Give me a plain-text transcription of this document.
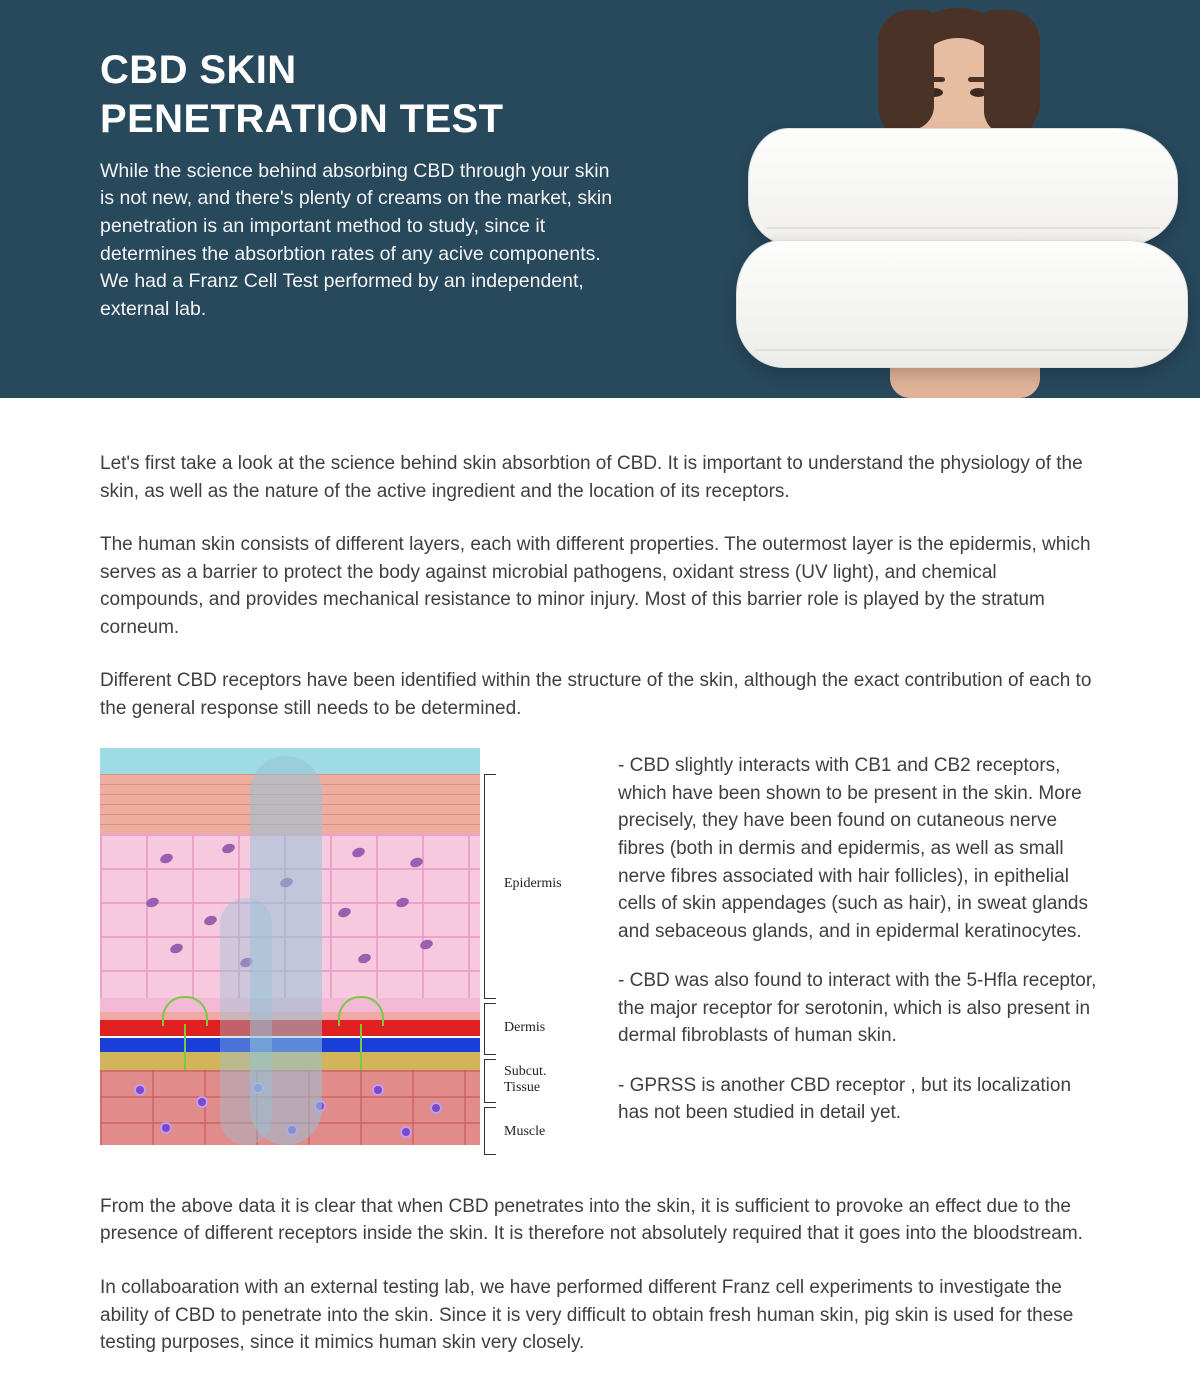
CBD SKIN
PENETRATION TEST

While the science behind absorbing CBD through your skin is not new, and there's plenty of creams on the market, skin penetration is an important method to study, since it determines the absorbtion rates of any acive components. We had a Franz Cell Test performed by an independent, external lab.

Let's first take a look at the science behind skin absorbtion of CBD. It is important to understand the physiology of the skin, as well as the nature of the active ingredient and the location of its receptors.

The human skin consists of different layers, each with different properties. The outermost layer is the epidermis, which serves as a barrier to protect the body against microbial pathogens, oxidant stress (UV light), and chemical compounds, and provides mechanical resistance to minor injury. Most of this barrier role is played by the stratum corneum.

Different CBD receptors have been identified within the structure of the skin, although the exact contribution of each to the general response still needs to be determined.

Epidermis
Dermis
Subcut.
Tissue
Muscle

- CBD slightly interacts with CB1 and CB2 receptors, which have been shown to be present in the skin. More precisely, they have been found on cutaneous nerve fibres (both in dermis and epidermis, as well as small nerve fibres associated with hair follicles), in epithelial cells of skin appendages (such as hair), in sweat glands and sebaceous glands, and in epidermal keratinocytes.

- CBD was also found to interact with the 5-Hfla receptor, the major receptor for serotonin, which is also present in dermal fibroblasts of human skin.

- GPRSS is another CBD receptor , but its localization has not been studied in detail yet.

From the above data it is clear that when CBD penetrates into the skin, it is sufficient to provoke an effect due to the presence of different receptors inside the skin. It is therefore not absolutely required that it goes into the bloodstream.

In collaboaration with an external testing lab, we have performed different Franz cell experiments to investigate the ability of CBD to penetrate into the skin. Since it is very difficult to obtain fresh human skin, pig skin is used for these testing purposes, since it mimics human skin very closely.
